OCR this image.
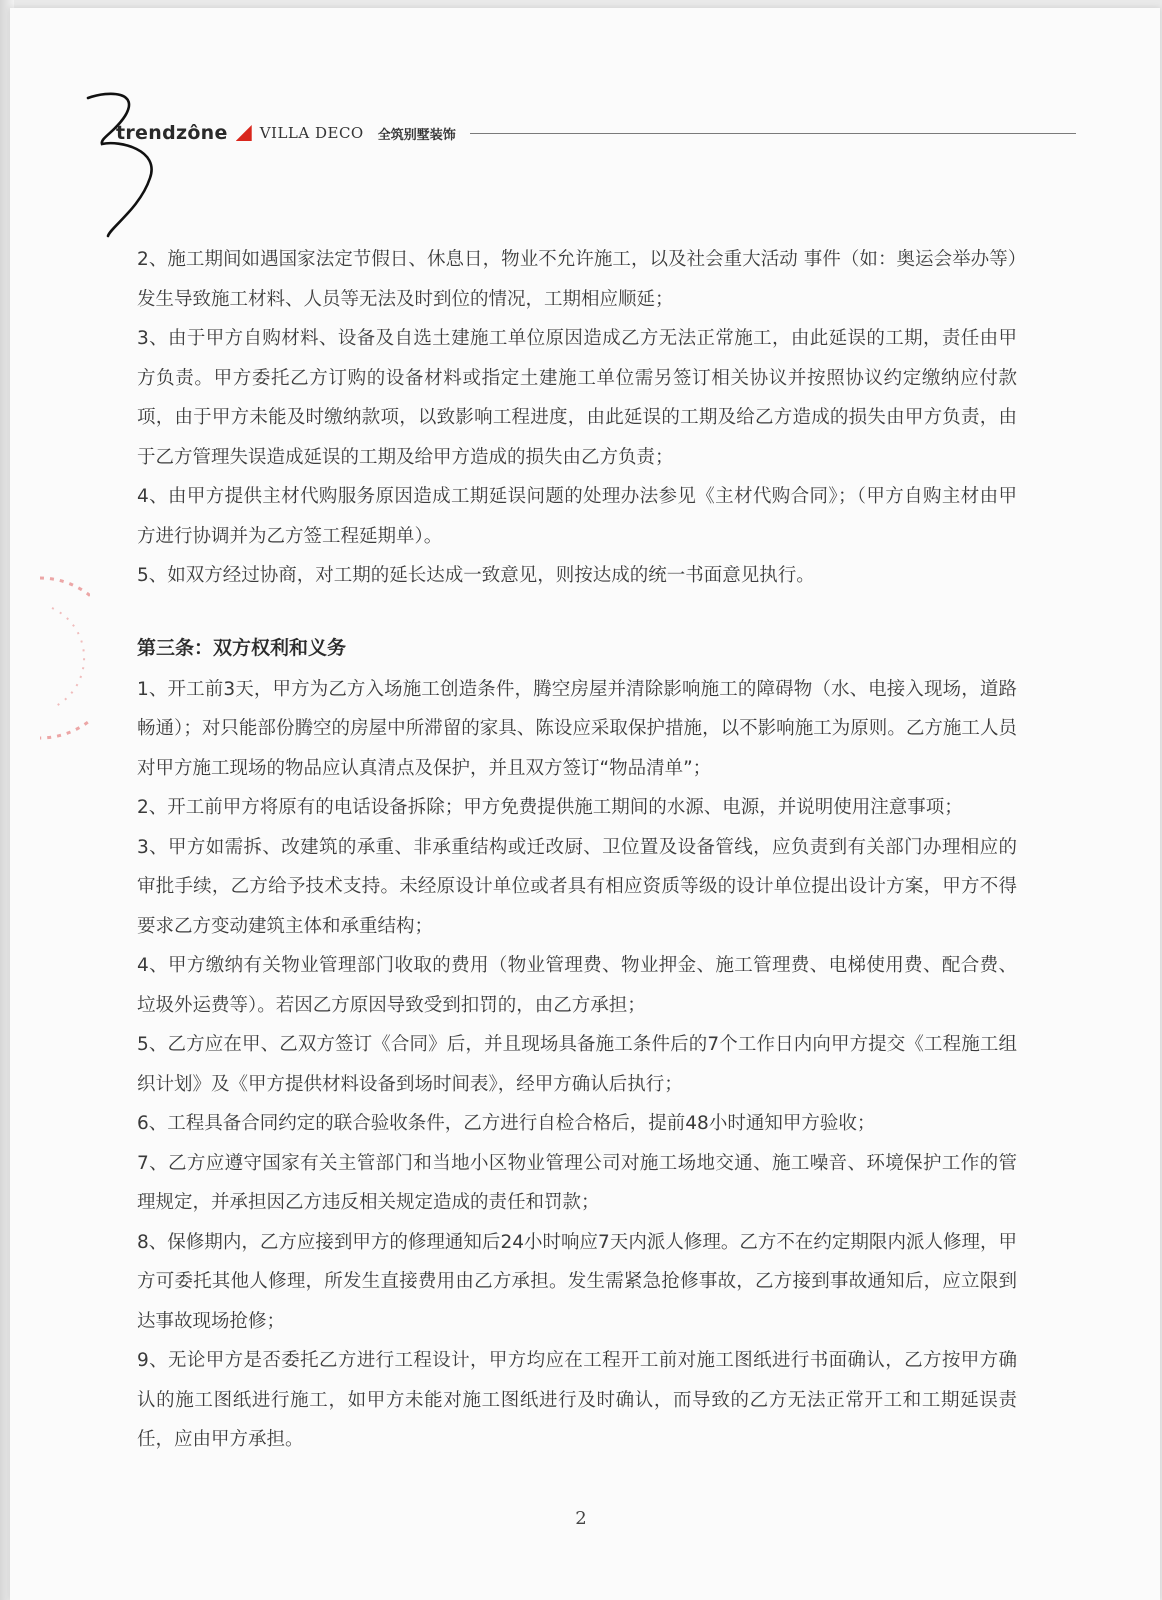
trendzône VILLA DECO 全筑别墅装饰

2、施工期间如遇国家法定节假日、休息日，物业不允许施工，以及社会重大活动 事件（如：奥运会举办等）发生导致施工材料、人员等无法及时到位的情况，工期相应顺延；

3、由于甲方自购材料、设备及自选土建施工单位原因造成乙方无法正常施工，由此延误的工期，责任由甲方负责。甲方委托乙方订购的设备材料或指定土建施工单位需另签订相关协议并按照协议约定缴纳应付款项，由于甲方未能及时缴纳款项，以致影响工程进度，由此延误的工期及给乙方造成的损失由甲方负责，由于乙方管理失误造成延误的工期及给甲方造成的损失由乙方负责；

4、由甲方提供主材代购服务原因造成工期延误问题的处理办法参见《主材代购合同》；（甲方自购主材由甲方进行协调并为乙方签工程延期单）。

5、如双方经过协商，对工期的延长达成一致意见，则按达成的统一书面意见执行。

第三条：双方权利和义务

1、开工前3天，甲方为乙方入场施工创造条件，腾空房屋并清除影响施工的障碍物（水、电接入现场，道路畅通）；对只能部份腾空的房屋中所滞留的家具、陈设应采取保护措施，以不影响施工为原则。乙方施工人员对甲方施工现场的物品应认真清点及保护，并且双方签订“物品清单”；

2、开工前甲方将原有的电话设备拆除；甲方免费提供施工期间的水源、电源，并说明使用注意事项；

3、甲方如需拆、改建筑的承重、非承重结构或迁改厨、卫位置及设备管线，应负责到有关部门办理相应的审批手续，乙方给予技术支持。未经原设计单位或者具有相应资质等级的设计单位提出设计方案，甲方不得要求乙方变动建筑主体和承重结构；

4、甲方缴纳有关物业管理部门收取的费用（物业管理费、物业押金、施工管理费、电梯使用费、配合费、垃圾外运费等）。若因乙方原因导致受到扣罚的，由乙方承担；

5、乙方应在甲、乙双方签订《合同》后，并且现场具备施工条件后的7个工作日内向甲方提交《工程施工组织计划》及《甲方提供材料设备到场时间表》，经甲方确认后执行；

6、工程具备合同约定的联合验收条件，乙方进行自检合格后，提前48小时通知甲方验收；

7、乙方应遵守国家有关主管部门和当地小区物业管理公司对施工场地交通、施工噪音、环境保护工作的管理规定，并承担因乙方违反相关规定造成的责任和罚款；

8、保修期内，乙方应接到甲方的修理通知后24小时响应7天内派人修理。乙方不在约定期限内派人修理，甲方可委托其他人修理，所发生直接费用由乙方承担。发生需紧急抢修事故，乙方接到事故通知后，应立限到达事故现场抢修；

9、无论甲方是否委托乙方进行工程设计，甲方均应在工程开工前对施工图纸进行书面确认，乙方按甲方确认的施工图纸进行施工，如甲方未能对施工图纸进行及时确认，而导致的乙方无法正常开工和工期延误责任，应由甲方承担。

2
